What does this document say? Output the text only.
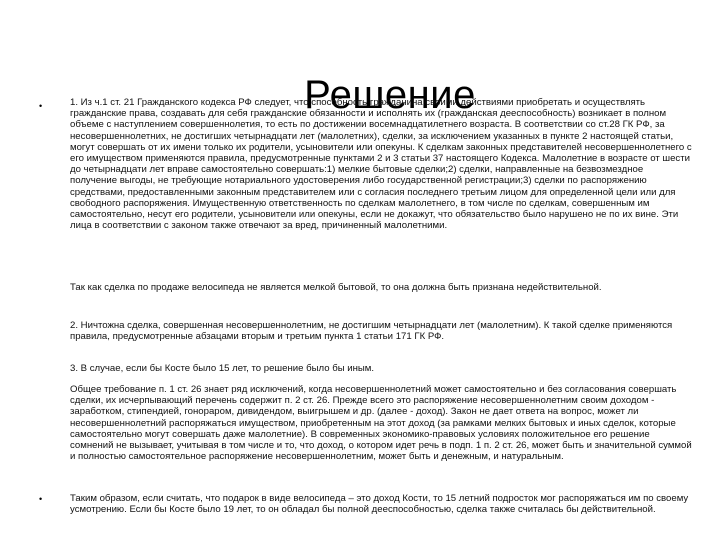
Решение
•
•

1. Из ч.1 ст. 21 Гражданского кодекса РФ следует, что способность гражданина своими действиями приобретать и осуществлять гражданские права, создавать для себя гражданские обязанности и исполнять их (гражданская дееспособность) возникает в полном объеме с наступлением совершеннолетия, то есть по достижении восемнадцатилетнего возраста. В соответствии со ст.28 ГК РФ, за несовершеннолетних, не достигших четырнадцати лет (малолетних), сделки, за исключением указанных в пункте 2 настоящей статьи, могут совершать от их имени только их родители, усыновители или опекуны. К сделкам законных представителей несовершеннолетнего с его имуществом применяются правила, предусмотренные пунктами 2 и 3 статьи 37 настоящего Кодекса. Малолетние в возрасте от шести до четырнадцати лет вправе самостоятельно совершать:1) мелкие бытовые сделки;2) сделки, направленные на безвозмездное получение выгоды, не требующие нотариального удостоверения либо государственной регистрации;3) сделки по распоряжению средствами, предоставленными законным представителем или с согласия последнего третьим лицом для определенной цели или для свободного распоряжения. Имущественную ответственность по сделкам малолетнего, в том числе по сделкам, совершенным им самостоятельно, несут его родители, усыновители или опекуны, если не докажут, что обязательство было нарушено не по их вине. Эти лица в соответствии с законом также отвечают за вред, причиненный малолетними.

Так как сделка по продаже велосипеда не является мелкой бытовой, то она должна быть признана недействительной.

2. Ничтожна сделка, совершенная несовершеннолетним, не достигшим четырнадцати лет (малолетним). К такой сделке применяются правила, предусмотренные абзацами вторым и третьим пункта 1 статьи 171 ГК РФ.

3. В случае, если бы Косте было 15 лет, то решение было бы иным.

Общее требование п. 1 ст. 26 знает ряд исключений, когда несовершеннолетний может самостоятельно и без согласования совершать сделки, их исчерпывающий перечень содержит п. 2 ст. 26. Прежде всего это распоряжение несовершеннолетним своим доходом - заработком, стипендией, гонораром, дивидендом, выигрышем и др. (далее - доход). Закон не дает ответа на вопрос, может ли несовершеннолетний распоряжаться имуществом, приобретенным на этот доход (за рамками мелких бытовых и иных сделок, которые самостоятельно могут совершать даже малолетние). В современных экономико-правовых условиях положительное его решение сомнений не вызывает, учитывая в том числе и то, что доход, о котором идет речь в подп. 1 п. 2 ст. 26, может быть и значительной суммой и полностью самостоятельное распоряжение несовершеннолетним, может быть и денежным, и натуральным.

Таким образом, если считать, что подарок в виде велосипеда – это доход Кости, то 15 летний подросток мог распоряжаться им по своему усмотрению. Если бы Косте было 19 лет, то он обладал бы полной дееспособностью, сделка также считалась бы действительной.
